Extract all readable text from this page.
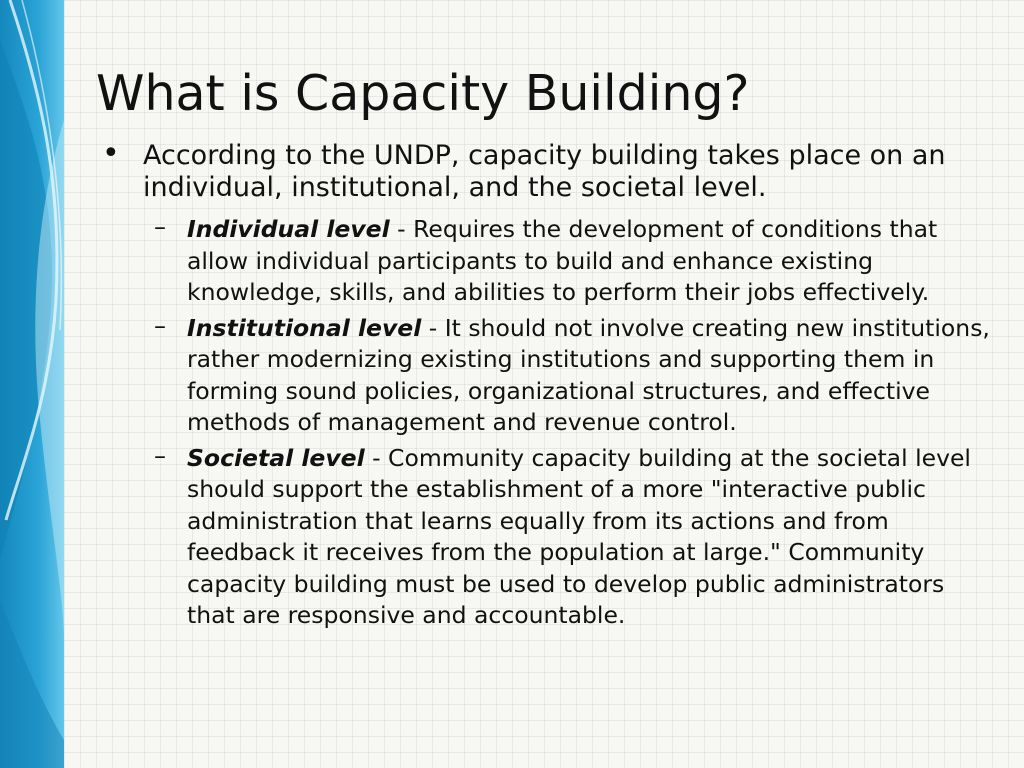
What is Capacity Building?
• According to the UNDP, capacity building takes place on an individual, institutional, and the societal level.
– Individual level - Requires the development of conditions that allow individual participants to build and enhance existing knowledge, skills, and abilities to perform their jobs effectively.
– Institutional level - It should not involve creating new institutions, rather modernizing existing institutions and supporting them in forming sound policies, organizational structures, and effective methods of management and revenue control.
– Societal level - Community capacity building at the societal level should support the establishment of a more "interactive public administration that learns equally from its actions and from feedback it receives from the population at large." Community capacity building must be used to develop public administrators that are responsive and accountable.
